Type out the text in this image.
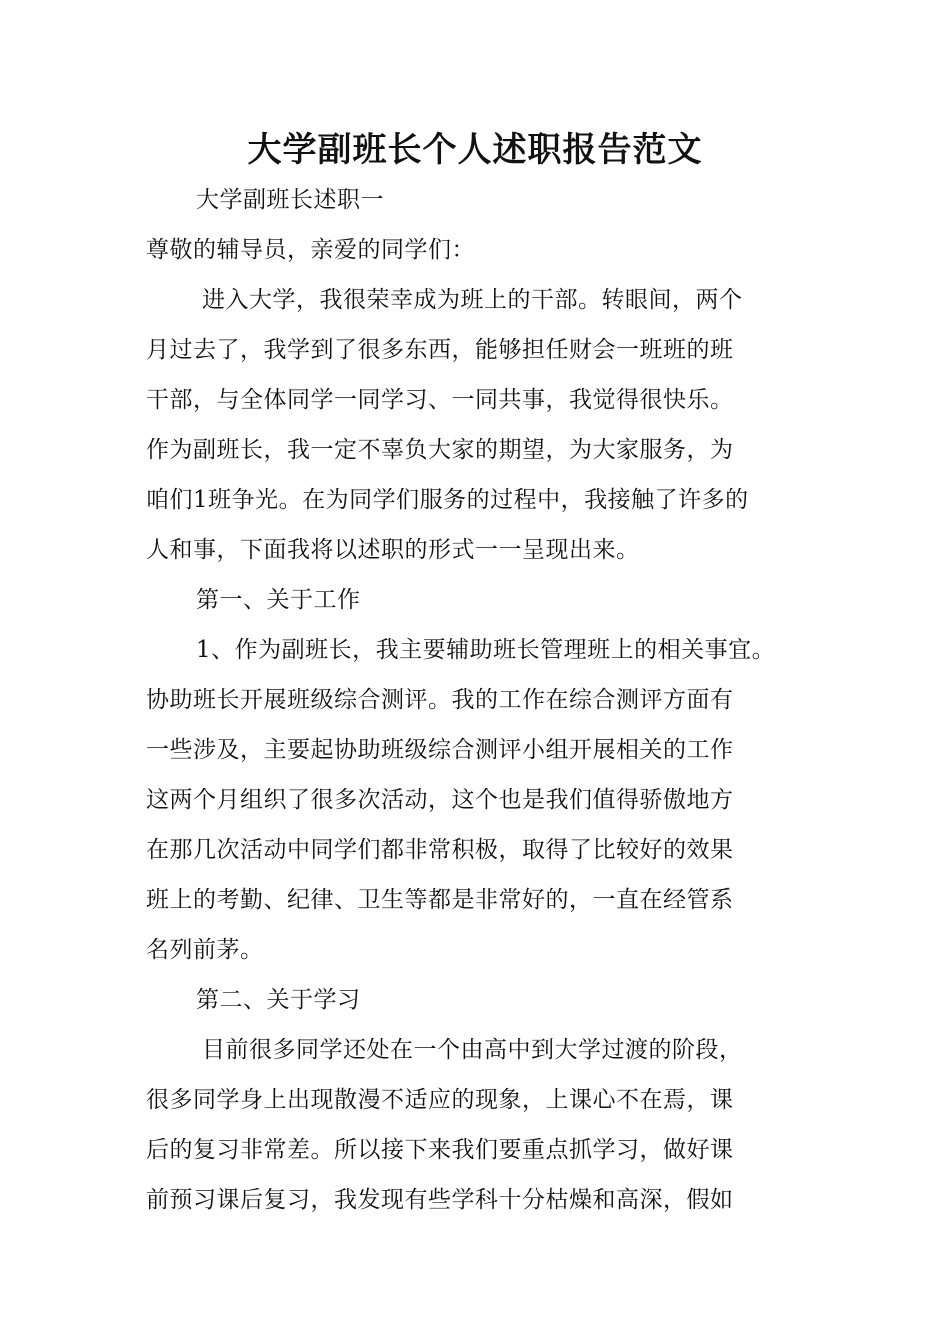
大学副班长个人述职报告范文
大学副班长述职一
尊敬的辅导员，亲爱的同学们：
进入大学，我很荣幸成为班上的干部。转眼间，两个
月过去了，我学到了很多东西，能够担任财会一班班的班
干部，与全体同学一同学习、一同共事，我觉得很快乐。
作为副班长，我一定不辜负大家的期望，为大家服务，为
咱们1班争光。在为同学们服务的过程中，我接触了许多的
人和事，下面我将以述职的形式一一呈现出来。
第一、关于工作
1、作为副班长，我主要辅助班长管理班上的相关事宜。
协助班长开展班级综合测评。我的工作在综合测评方面有
一些涉及，主要起协助班级综合测评小组开展相关的工作
这两个月组织了很多次活动，这个也是我们值得骄傲地方
在那几次活动中同学们都非常积极，取得了比较好的效果
班上的考勤、纪律、卫生等都是非常好的，一直在经管系
名列前茅。
第二、关于学习
目前很多同学还处在一个由高中到大学过渡的阶段，
很多同学身上出现散漫不适应的现象，上课心不在焉，课
后的复习非常差。所以接下来我们要重点抓学习，做好课
前预习课后复习，我发现有些学科十分枯燥和高深，假如
